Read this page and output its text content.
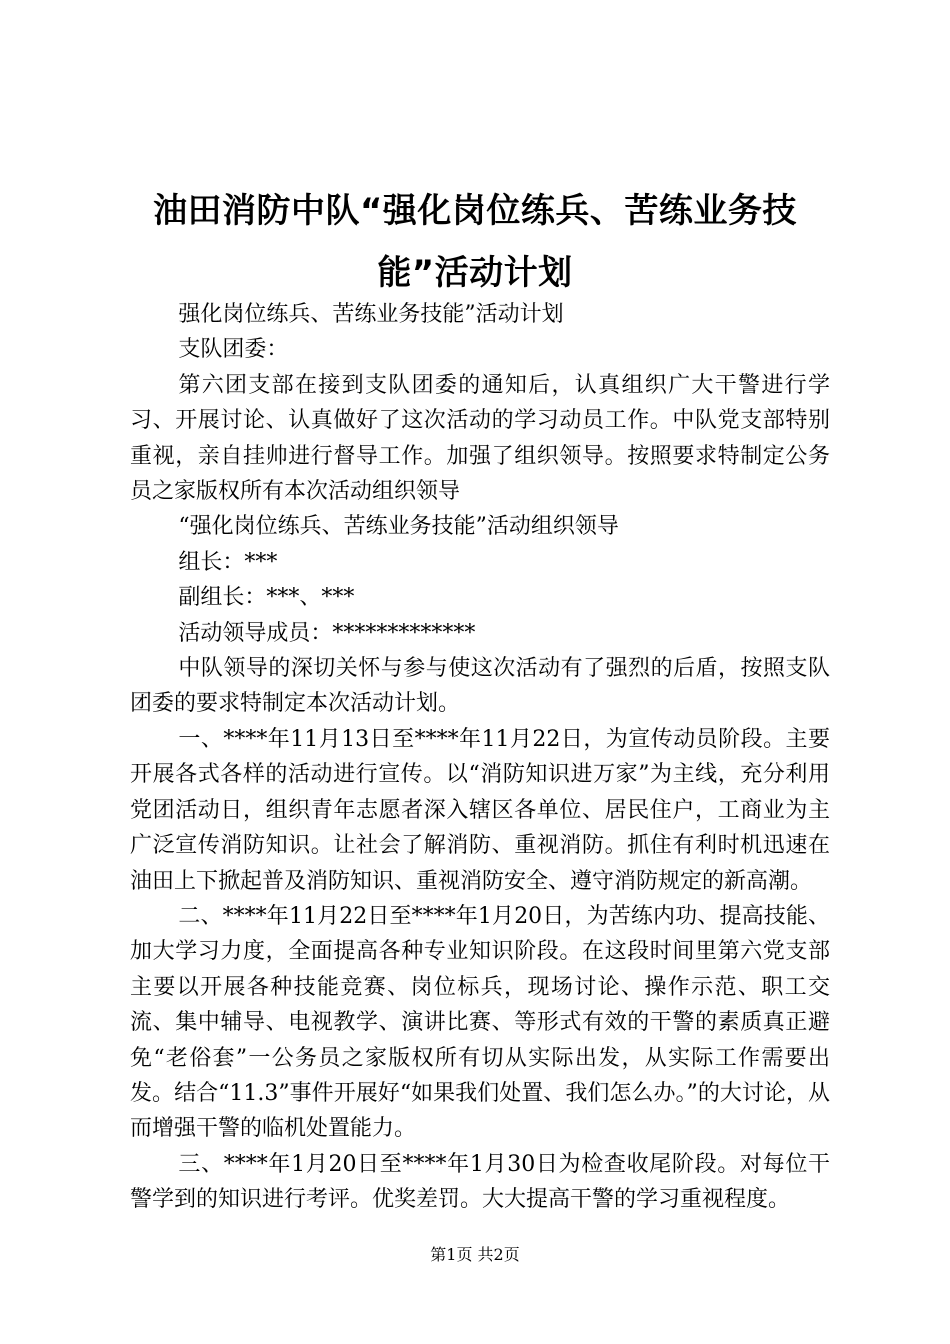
油田消防中队“强化岗位练兵、苦练业务技能”活动计划

强化岗位练兵、苦练业务技能”活动计划

支队团委：

第六团支部在接到支队团委的通知后，认真组织广大干警进行学习、开展讨论、认真做好了这次活动的学习动员工作。中队党支部特别重视，亲自挂帅进行督导工作。加强了组织领导。按照要求特制定公务员之家版权所有本次活动组织领导

“强化岗位练兵、苦练业务技能”活动组织领导

组长：***

副组长：***、***

活动领导成员：*************

中队领导的深切关怀与参与使这次活动有了强烈的后盾，按照支队团委的要求特制定本次活动计划。

一、****年11月13日至****年11月22日，为宣传动员阶段。主要开展各式各样的活动进行宣传。以“消防知识进万家”为主线，充分利用党团活动日，组织青年志愿者深入辖区各单位、居民住户，工商业为主广泛宣传消防知识。让社会了解消防、重视消防。抓住有利时机迅速在油田上下掀起普及消防知识、重视消防安全、遵守消防规定的新高潮。

二、****年11月22日至****年1月20日，为苦练内功、提高技能、加大学习力度，全面提高各种专业知识阶段。在这段时间里第六党支部主要以开展各种技能竞赛、岗位标兵，现场讨论、操作示范、职工交流、集中辅导、电视教学、演讲比赛、等形式有效的干警的素质真正避免“老俗套”一公务员之家版权所有切从实际出发，从实际工作需要出发。结合“11.3”事件开展好“如果我们处置、我们怎么办。”的大讨论，从而增强干警的临机处置能力。

三、****年1月20日至****年1月30日为检查收尾阶段。对每位干警学到的知识进行考评。优奖差罚。大大提高干警的学习重视程度。

第1页 共2页
